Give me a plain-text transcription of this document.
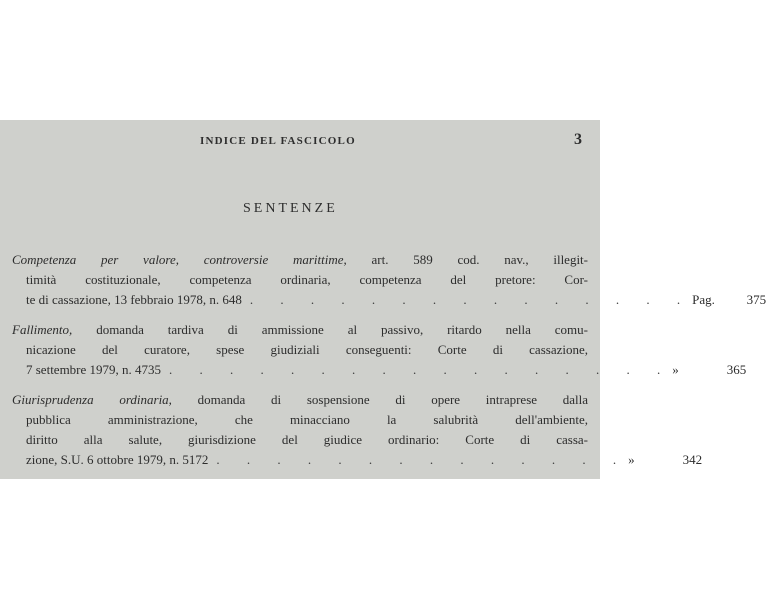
INDICE DEL FASCICOLO	3
SENTENZE
Competenza per valore, controversie marittime, art. 589 cod. nav., illegit-
timità costituzionale, competenza ordinaria, competenza del pretore: Cor-
te di cassazione, 13 febbraio 1978, n. 648 . . . . . . . . . . . . . . . Pag.	375
Fallimento, domanda tardiva di ammissione al passivo, ritardo nella comu-
nicazione del curatore, spese giudiziali conseguenti: Corte di cassazione,
7 settembre 1979, n. 4735 . . . . . . . . . . . . . . . . . »	365
Giurisprudenza ordinaria, domanda di sospensione di opere intraprese dalla
pubblica amministrazione, che minacciano la salubrità dell'ambiente,
diritto alla salute, giurisdizione del giudice ordinario: Corte di cassa-
zione, S.U. 6 ottobre 1979, n. 5172 . . . . . . . . . . . . . . »	342
